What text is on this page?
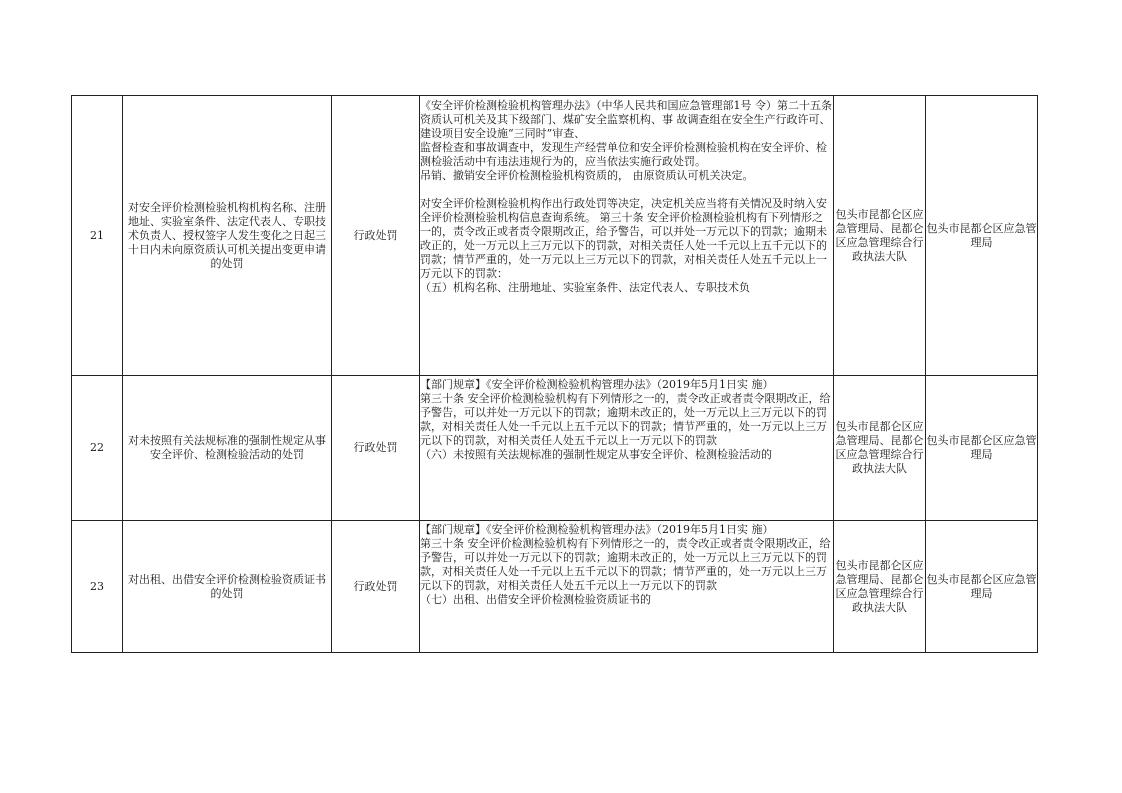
21	对安全评价检测检验机构机构名称、注册地址、实验室条件、法定代表人、专职技术负责人、授权签字人发生变化之日起三十日内未向原资质认可机关提出变更申请的处罚	行政处罚	《安全评价检测检验机构管理办法》（中华人民共和国应急管理部1号 令）第二十五条 资质认可机关及其下级部门、煤矿安全监察机构、事 故调查组在安全生产行政许可、建设项目安全设施“三同时”审查、
监督检查和事故调查中，发现生产经营单位和安全评价检测检验机构在安全评价、检测检验活动中有违法违规行为的，应当依法实施行政处罚。
吊销、撤销安全评价检测检验机构资质的， 由原资质认可机关决定。
对安全评价检测检验机构作出行政处罚等决定，决定机关应当将有关情况及时纳入安全评价检测检验机构信息查询系统。 第三十条 安全评价检测检验机构有下列情形之一的，责令改正或者责令限期改正，给予警告，可以并处一万元以下的罚款；逾期未改正的，处一万元以上三万元以下的罚款，对相关责任人处一千元以上五千元以下的罚款；情节严重的，处一万元以上三万元以下的罚款，对相关责任人处五千元以上一万元以下的罚款：
（五）机构名称、注册地址、实验室条件、法定代表人、专职技术负	包头市昆都仑区应急管理局、昆都仑区应急管理综合行政执法大队	包头市昆都仑区应急管理局
22	对未按照有关法规标准的强制性规定从事安全评价、检测检验活动的处罚	行政处罚	【部门规章】《安全评价检测检验机构管理办法》（2019年5月1日实 施）
第三十条 安全评价检测检验机构有下列情形之一的，责令改正或者责令限期改正，给予警告，可以并处一万元以下的罚款；逾期未改正的，处一万元以上三万元以下的罚款，对相关责任人处一千元以上五千元以下的罚款；情节严重的，处一万元以上三万元以下的罚款，对相关责任人处五千元以上一万元以下的罚款
（六）未按照有关法规标准的强制性规定从事安全评价、检测检验活动的	包头市昆都仑区应急管理局、昆都仑区应急管理综合行政执法大队	包头市昆都仑区应急管理局
23	对出租、出借安全评价检测检验资质证书的处罚	行政处罚	【部门规章】《安全评价检测检验机构管理办法》（2019年5月1日实 施）
第三十条 安全评价检测检验机构有下列情形之一的，责令改正或者责令限期改正，给予警告，可以并处一万元以下的罚款；逾期未改正的，处一万元以上三万元以下的罚款，对相关责任人处一千元以上五千元以下的罚款；情节严重的，处一万元以上三万元以下的罚款，对相关责任人处五千元以上一万元以下的罚款
（七）出租、出借安全评价检测检验资质证书的	包头市昆都仑区应急管理局、昆都仑区应急管理综合行政执法大队	包头市昆都仑区应急管理局
